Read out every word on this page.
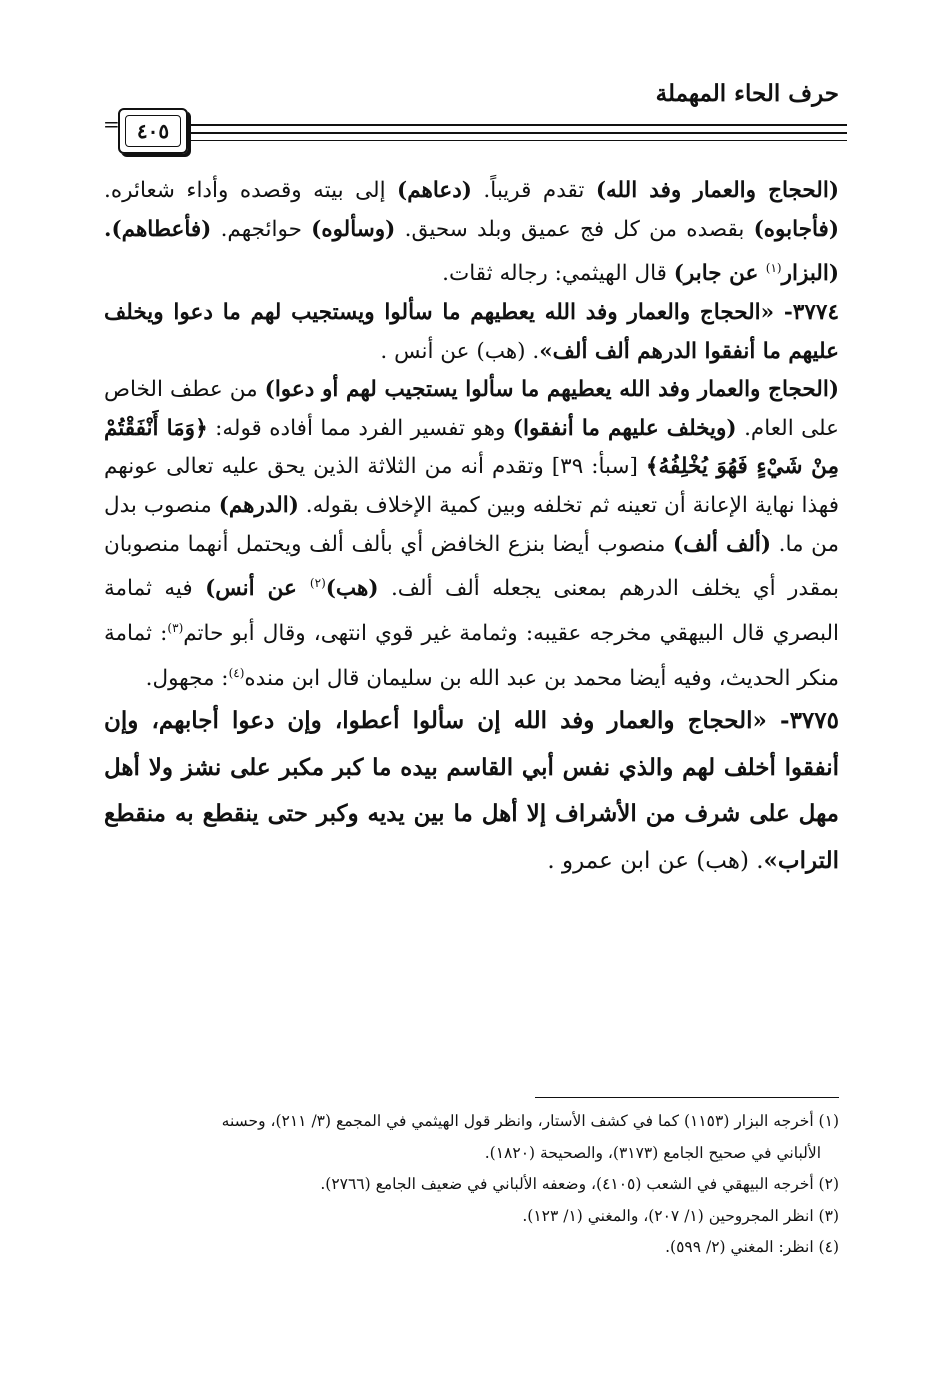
حرف الحاء المهملة
= ٤٠٥

(الحجاج والعمار وفد الله) تقدم قريباً. (دعاهم) إلى بيته وقصده وأداء شعائره. (فأجابوه) بقصده من كل فج عميق وبلد سحيق. (وسألوه) حوائجهم. (فأعطاهم). (البزار$^{(١)}$ عن جابر) قال الهيثمي: رجاله ثقات.

٣٧٧٤- «الحجاج والعمار وفد الله يعطيهم ما سألوا ويستجيب لهم ما دعوا ويخلف عليهم ما أنفقوا الدرهم ألف ألف». (هب) عن أنس .

(الحجاج والعمار وفد الله يعطيهم ما سألوا يستجيب لهم أو دعوا) من عطف الخاص على العام. (ويخلف عليهم ما أنفقوا) وهو تفسير الفرد مما أفاده قوله: ﴿وَمَا أَنْفَقْتُمْ مِنْ شَيْءٍ فَهُوَ يُخْلِفُهُ﴾ [سبأ: ٣٩] وتقدم أنه من الثلاثة الذين يحق عليه تعالى عونهم فهذا نهاية الإعانة أن تعينه ثم تخلفه وبين كمية الإخلاف بقوله. (الدرهم) منصوب بدل من ما. (ألف ألف) منصوب أيضا بنزع الخافض أي بألف ألف ويحتمل أنهما منصوبان بمقدر أي يخلف الدرهم بمعنى يجعله ألف ألف. (هب)$^{(٢)}$ عن أنس) فيه ثمامة البصري قال البيهقي مخرجه عقيبه: وثمامة غير قوي انتهى، وقال أبو حاتم$^{(٣)}$: ثمامة منكر الحديث، وفيه أيضا محمد بن عبد الله بن سليمان قال ابن منده$^{(٤)}$: مجهول.

٣٧٧٥- «الحجاج والعمار وفد الله إن سألوا أعطوا، وإن دعوا أجابهم، وإن أنفقوا أخلف لهم والذي نفس أبي القاسم بيده ما كبر مكبر على نشز ولا أهل مهل على شرف من الأشراف إلا أهل ما بين يديه وكبر حتى ينقطع به منقطع التراب». (هب) عن ابن عمرو .

(١) أخرجه البزار (١١٥٣) كما في كشف الأستار، وانظر قول الهيثمي في المجمع (٣/ ٢١١)، وحسنه

الألباني في صحيح الجامع (٣١٧٣)، والصحيحة (١٨٢٠).

(٢) أخرجه البيهقي في الشعب (٤١٠٥)، وضعفه الألباني في ضعيف الجامع (٢٧٦٦).

(٣) انظر المجروحين (١/ ٢٠٧)، والمغني (١/ ١٢٣).

(٤) انظر: المغني (٢/ ٥٩٩).
